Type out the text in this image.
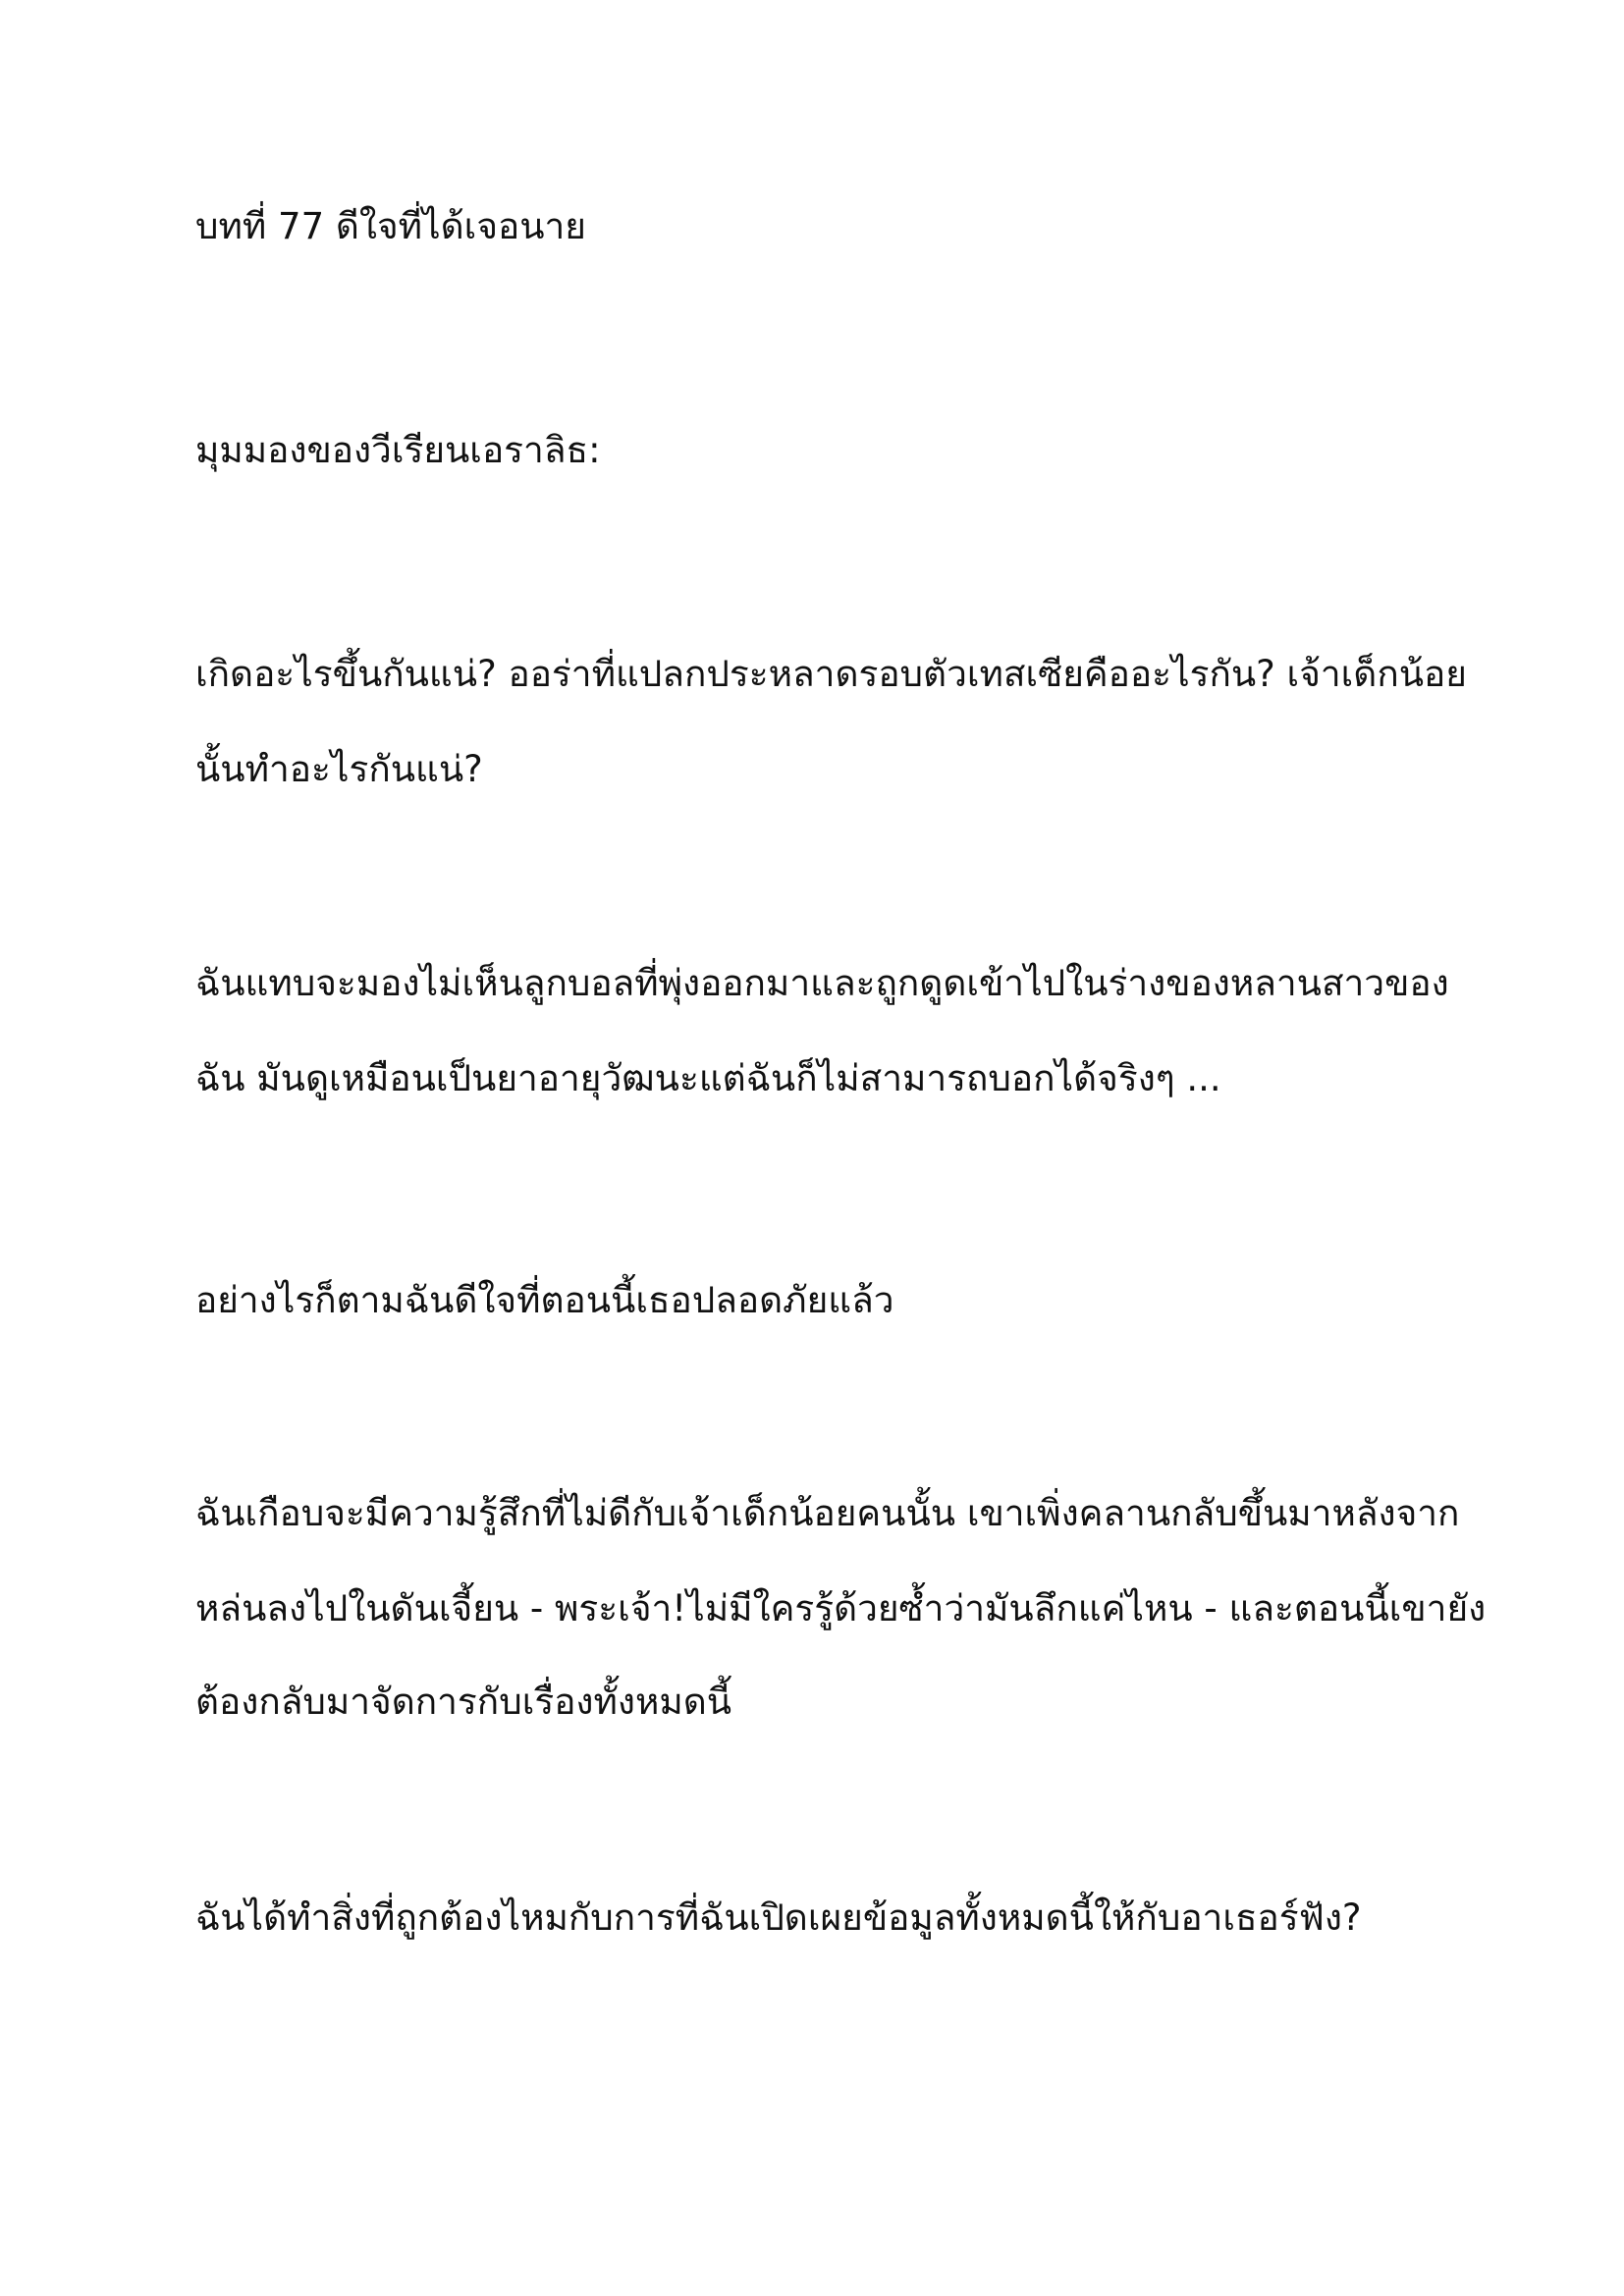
บทที่ 77 ดีใจที่ได้เจอนาย
มุมมองของวีเรียนเอราลิธ:
เกิดอะไรขึ้นกันแน่? ออร่าที่แปลกประหลาดรอบตัวเทสเซียคืออะไรกัน? เจ้าเด็กน้อย
นั้นทำอะไรกันแน่?
ฉันแทบจะมองไม่เห็นลูกบอลที่พุ่งออกมาและถูกดูดเข้าไปในร่างของหลานสาวของ
ฉัน มันดูเหมือนเป็นยาอายุวัฒนะแต่ฉันก็ไม่สามารถบอกได้จริงๆ ...
อย่างไรก็ตามฉันดีใจที่ตอนนี้เธอปลอดภัยแล้ว
ฉันเกือบจะมีความรู้สึกที่ไม่ดีกับเจ้าเด็กน้อยคนนั้น เขาเพิ่งคลานกลับขึ้นมาหลังจาก
หล่นลงไปในดันเจี้ยน - พระเจ้า!ไม่มีใครรู้ด้วยซ้ำว่ามันลึกแค่ไหน - และตอนนี้เขายัง
ต้องกลับมาจัดการกับเรื่องทั้งหมดนี้
ฉันได้ทำสิ่งที่ถูกต้องไหมกับการที่ฉันเปิดเผยข้อมูลทั้งหมดนี้ให้กับอาเธอร์ฟัง?
